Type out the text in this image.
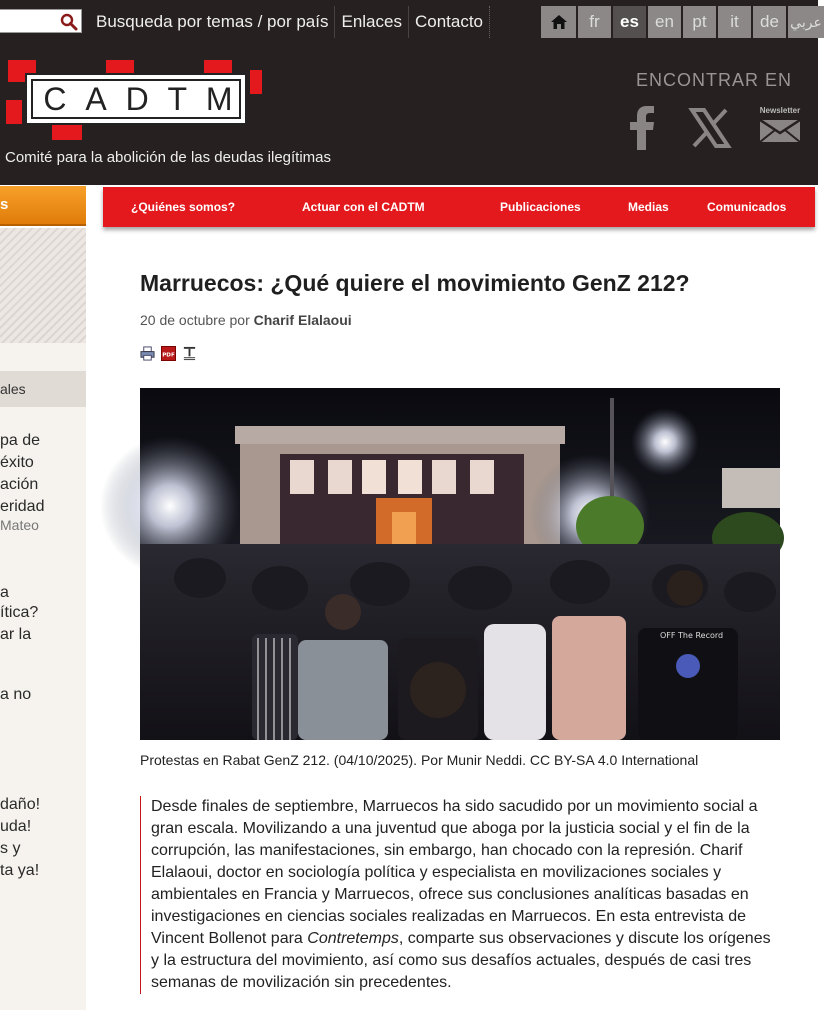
Busqueda por temas / por país Enlaces Contacto	fr	es en	pt	it	de عربي
C A D T M
Comité para la abolición de las deudas ilegítimas
ENCONTRAR EN
Newsletter
s	¿Quiénes somos?	Actuar con el CADTM	Publicaciones	Medias	Comunicados
ales
pa de
éxito
ación
eridad
Mateo
a
ítica?
ar la
a no
daño!
uda!
s y
ta ya!
Marruecos: ¿Qué quiere el movimiento GenZ 212?
20 de octubre por Charif Elalaoui
PDF
OFF The Record
Protestas en Rabat GenZ 212. (04/10/2025). Por Munir Neddi. CC BY-SA 4.0 International

Desde finales de septiembre, Marruecos ha sido sacudido por un movimiento social a gran escala. Movilizando a una juventud que aboga por la justicia social y el fin de la corrupción, las manifestaciones, sin embargo, han chocado con la represión. Charif Elalaoui, doctor en sociología política y especialista en movilizaciones sociales y ambientales en Francia y Marruecos, ofrece sus conclusiones analíticas basadas en investigaciones en ciencias sociales realizadas en Marruecos. En esta entrevista de Vincent Bollenot para Contretemps, comparte sus observaciones y discute los orígenes y la estructura del movimiento, así como sus desafíos actuales, después de casi tres semanas de movilización sin precedentes.
